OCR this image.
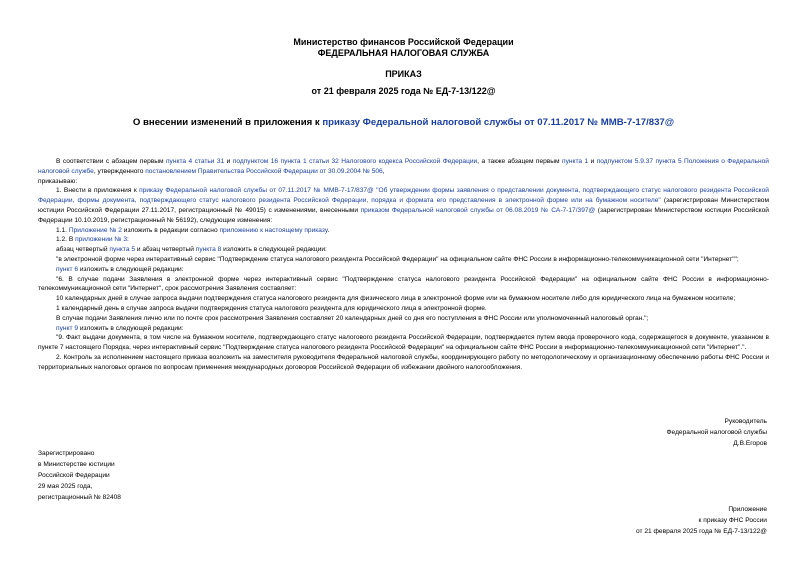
Министерство финансов Российской Федерации
ФЕДЕРАЛЬНАЯ НАЛОГОВАЯ СЛУЖБА
ПРИКАЗ
от 21 февраля 2025 года № ЕД-7-13/122@
О внесении изменений в приложения к приказу Федеральной налоговой службы от 07.11.2017 № ММВ-7-17/837@

В соответствии с абзацем первым пункта 4 статьи 31 и подпунктом 16 пункта 1 статьи 32 Налогового кодекса Российской Федерации, а также абзацем первым пункта 1 и подпунктом 5.9.37 пункта 5 Положения о Федеральной налоговой службе, утвержденного постановлением Правительства Российской Федерации от 30.09.2004 № 506,

приказываю:

1. Внести в приложения к приказу Федеральной налоговой службы от 07.11.2017 № ММВ-7-17/837@ "Об утверждении формы заявления о представлении документа, подтверждающего статус налогового резидента Российской Федерации, формы документа, подтверждающего статус налогового резидента Российской Федерации, порядка и формата его представления в электронной форме или на бумажном носителе" (зарегистрирован Министерством юстиции Российской Федерации 27.11.2017, регистрационный № 49015) с изменениями, внесенными приказом Федеральной налоговой службы от 06.08.2019 № СА-7-17/397@ (зарегистрирован Министерством юстиции Российской Федерации 10.10.2019, регистрационный № 56192), следующие изменения:

1.1. Приложение № 2 изложить в редакции согласно приложению к настоящему приказу.

1.2. В приложении № 3:

абзац четвертый пункта 5 и абзац четвертый пункта 8 изложить в следующей редакции:

"в электронной форме через интерактивный сервис "Подтверждение статуса налогового резидента Российской Федерации" на официальном сайте ФНС России в информационно-телекоммуникационной сети "Интернет"";

пункт 6 изложить в следующей редакции:

"6. В случае подачи Заявления в электронной форме через интерактивный сервис "Подтверждение статуса налогового резидента Российской Федерации" на официальном сайте ФНС России в информационно-телекоммуникационной сети "Интернет", срок рассмотрения Заявления составляет:

10 календарных дней в случае запроса выдачи подтверждения статуса налогового резидента для физического лица в электронной форме или на бумажном носителе либо для юридического лица на бумажном носителе;

1 календарный день в случае запроса выдачи подтверждения статуса налогового резидента для юридического лица в электронной форме.

В случае подачи Заявления лично или по почте срок рассмотрения Заявления составляет 20 календарных дней со дня его поступления в ФНС России или уполномоченный налоговый орган.";

пункт 9 изложить в следующей редакции:

"9. Факт выдачи документа, в том числе на бумажном носителе, подтверждающего статус налогового резидента Российской Федерации, подтверждается путем ввода проверочного кода, содержащегося в документе, указанном в пункте 7 настоящего Порядка, через интерактивный сервис "Подтверждение статуса налогового резидента Российской Федерации" на официальном сайте ФНС России в информационно-телекоммуникационной сети "Интернет".".

2. Контроль за исполнением настоящего приказа возложить на заместителя руководителя Федеральной налоговой службы, координирующего работу по методологическому и организационному обеспечению работы ФНС России и территориальных налоговых органов по вопросам применения международных договоров Российской Федерации об избежании двойного налогообложения.

Руководитель
Федеральной налоговой службы
Д.В.Егоров
Зарегистрировано
в Министерстве юстиции
Российской Федерации
29 мая 2025 года,
регистрационный № 82408
Приложение
к приказу ФНС России
от 21 февраля 2025 года № ЕД-7-13/122@
